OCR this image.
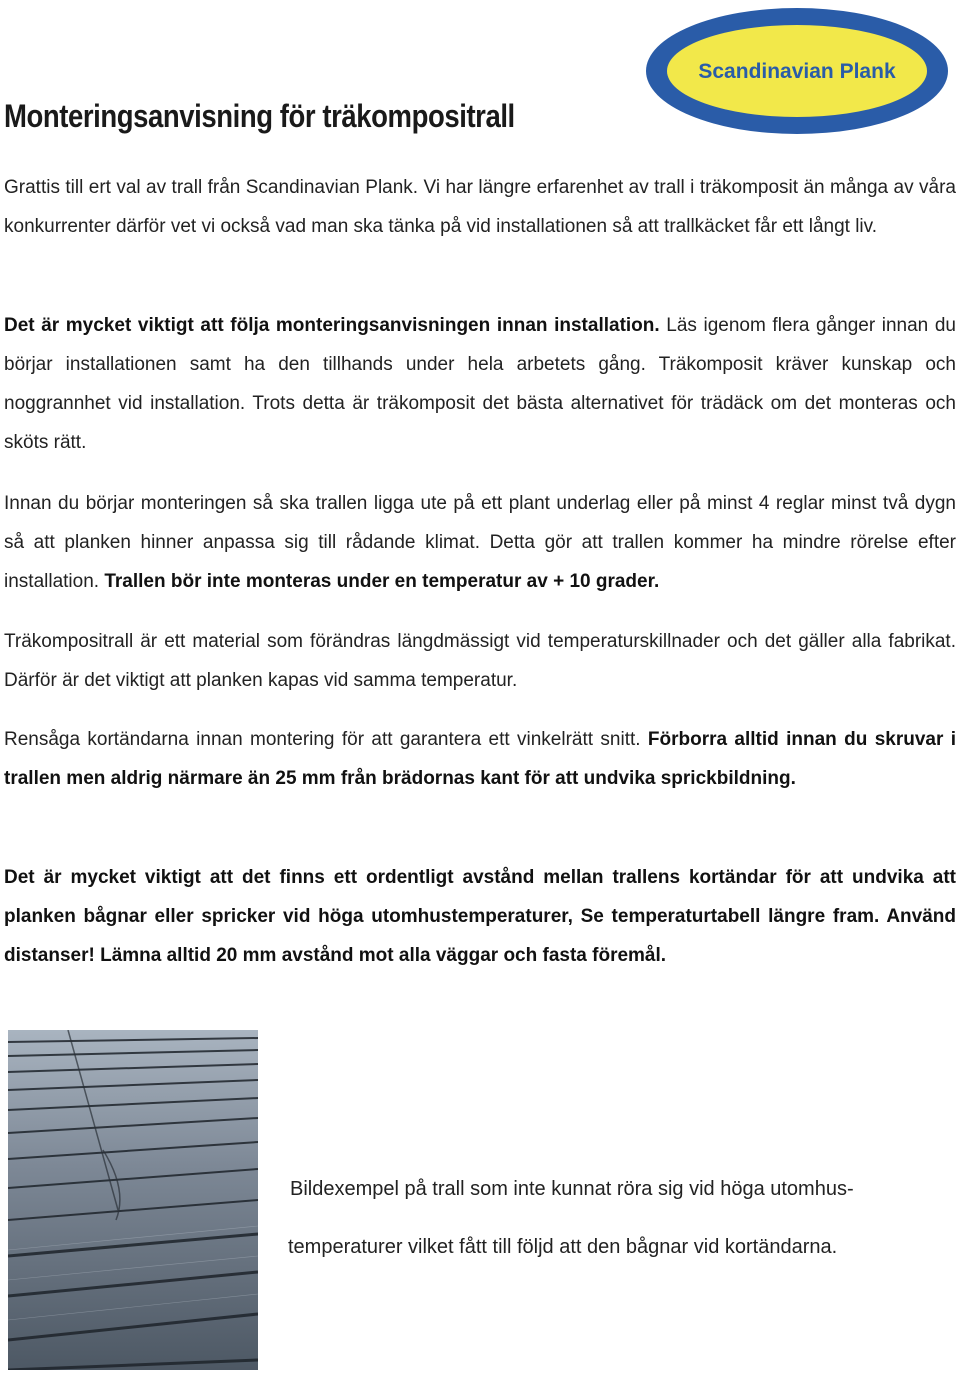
Scandinavian Plank
Monteringsanvisning för träkompositrall

Grattis till ert val av trall från Scandinavian Plank. Vi har längre erfarenhet av trall i träkomposit än många av våra konkurrenter därför vet vi också vad man ska tänka på vid installationen så att trallkäcket får ett långt liv.

Det är mycket viktigt att följa monteringsanvisningen innan installation. Läs igenom flera gånger innan du börjar installationen samt ha den tillhands under hela arbetets gång. Träkomposit kräver kunskap och noggrannhet vid installation. Trots detta är träkomposit det bästa alternativet för trädäck om det monteras och sköts rätt.

Innan du börjar monteringen så ska trallen ligga ute på ett plant underlag eller på minst 4 reglar minst två dygn så att planken hinner anpassa sig till rådande klimat. Detta gör att trallen kommer ha mindre rörelse efter installation. Trallen bör inte monteras under en temperatur av + 10 grader.

Träkompositrall är ett material som förändras längdmässigt vid temperaturskillnader och det gäller alla fabrikat. Därför är det viktigt att planken kapas vid samma temperatur.

Rensåga kortändarna innan montering för att garantera ett vinkelrätt snitt. Förborra alltid innan du skruvar i trallen men aldrig närmare än 25 mm från brädornas kant för att undvika sprickbildning.

Det är mycket viktigt att det finns ett ordentligt avstånd mellan trallens kortändar för att undvika att planken bågnar eller spricker vid höga utomhustemperaturer, Se temperaturtabell längre fram. Använd distanser! Lämna alltid 20 mm avstånd mot alla väggar och fasta föremål.

Bildexempel på trall som inte kunnat röra sig vid höga utomhus-

temperaturer vilket fått till följd att den bågnar vid kortändarna.
